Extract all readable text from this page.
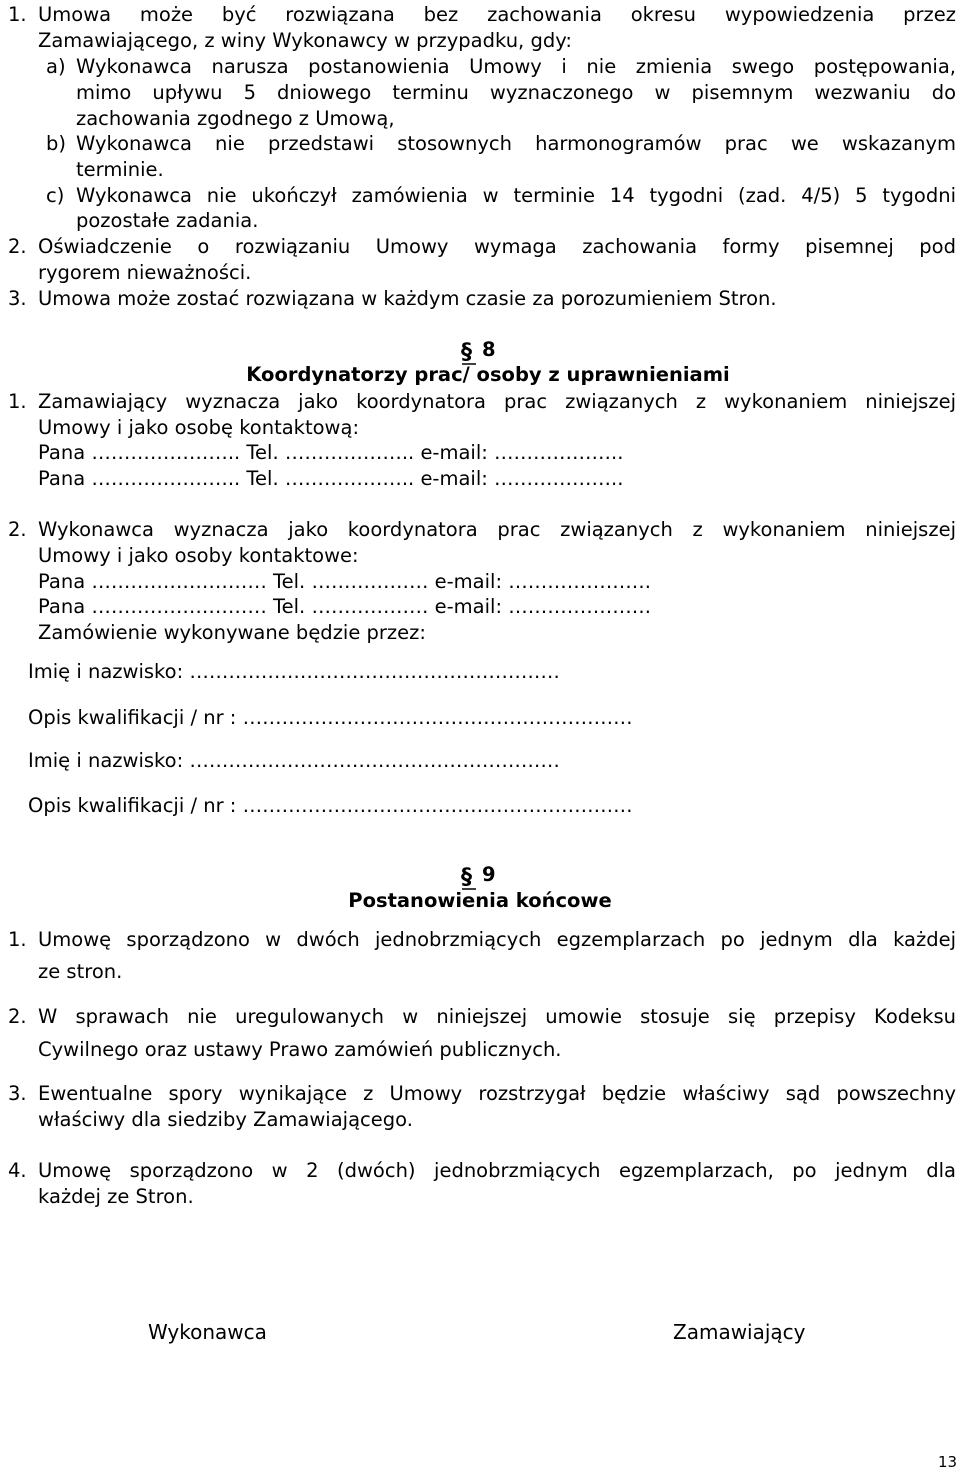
1. Umowa może być rozwiązana bez zachowania okresu wypowiedzenia przez
Zamawiającego, z winy Wykonawcy w przypadku, gdy:
a) Wykonawca narusza postanowienia Umowy i nie zmienia swego postępowania,
mimo upływu 5 dniowego terminu wyznaczonego w pisemnym wezwaniu do
zachowania zgodnego z Umową,
b) Wykonawca nie przedstawi stosownych harmonogramów prac we wskazanym
terminie.
c) Wykonawca nie ukończył zamówienia w terminie 14 tygodni (zad. 4/5) 5 tygodni
pozostałe zadania.
2. Oświadczenie o rozwiązaniu Umowy wymaga zachowania formy pisemnej pod
rygorem nieważności.
3. Umowa może zostać rozwiązana w każdym czasie za porozumieniem Stron.
§ 8
Koordynatorzy prac/ osoby z uprawnieniami
1. Zamawiający wyznacza jako koordynatora prac związanych z wykonaniem niniejszej
Umowy i jako osobę kontaktową:
Pana ………………….. Tel. ……………….. e-mail: ………………..
Pana ………………….. Tel. ……………….. e-mail: ………………..
2. Wykonawca wyznacza jako koordynatora prac związanych z wykonaniem niniejszej
Umowy i jako osoby kontaktowe:
Pana ……………………… Tel. ……………… e-mail: ………………….
Pana ……………………… Tel. ……………… e-mail: ………………….
Zamówienie wykonywane będzie przez:
Imię i nazwisko: …………………………………………………
Opis kwalifikacji / nr : ……………………………………………………
Imię i nazwisko: …………………………………………………
Opis kwalifikacji / nr : ……………………………………………………
§ 9
Postanowienia końcowe
1. Umowę sporządzono w dwóch jednobrzmiących egzemplarzach po jednym dla każdej
ze stron.
2. W sprawach nie uregulowanych w niniejszej umowie stosuje się przepisy Kodeksu
Cywilnego oraz ustawy Prawo zamówień publicznych.
3. Ewentualne spory wynikające z Umowy rozstrzygał będzie właściwy sąd powszechny
właściwy dla siedziby Zamawiającego.
4. Umowę sporządzono w 2 (dwóch) jednobrzmiących egzemplarzach, po jednym dla
każdej ze Stron.
Wykonawca	Zamawiający
13
